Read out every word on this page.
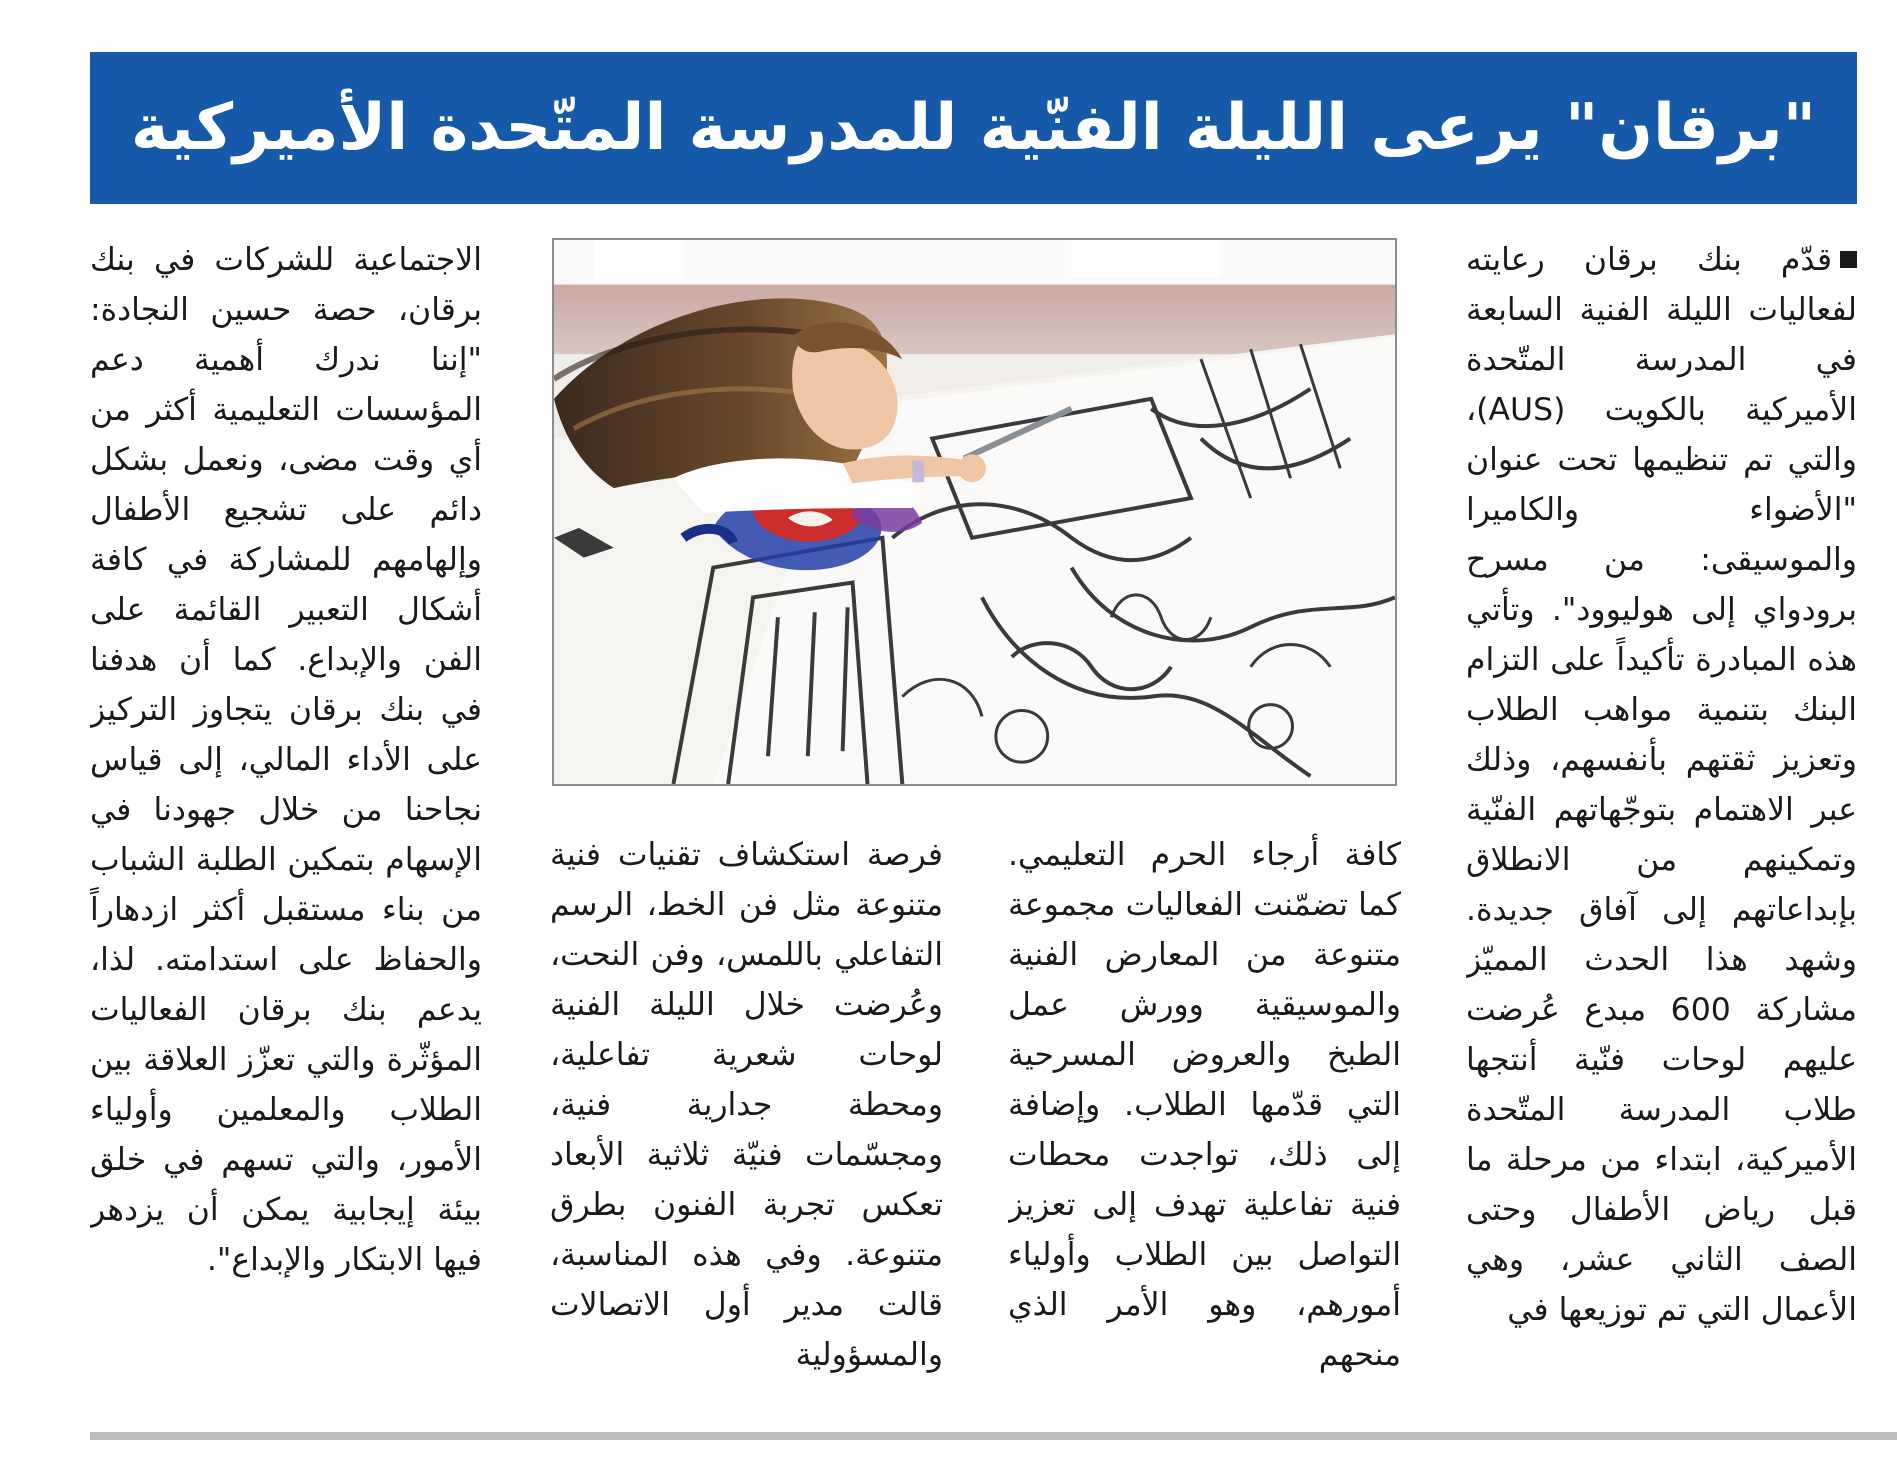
"برقان" يرعى الليلة الفنّية للمدرسة المتّحدة الأميركية

قدّم بنك برقان رعايته لفعاليات الليلة الفنية السابعة في المدرسة المتّحدة الأميركية بالكويت (AUS)، والتي تم تنظيمها تحت عنوان "الأضواء والكاميرا والموسيقى: من مسرح برودواي إلى هوليوود". وتأتي هذه المبادرة تأكيداً على التزام البنك بتنمية مواهب الطلاب وتعزيز ثقتهم بأنفسهم، وذلك عبر الاهتمام بتوجّهاتهم الفنّية وتمكينهم من الانطلاق بإبداعاتهم إلى آفاق جديدة. وشهد هذا الحدث المميّز مشاركة 600 مبدع عُرضت عليهم لوحات فنّية أنتجها طلاب المدرسة المتّحدة الأميركية، ابتداء من مرحلة ما قبل رياض الأطفال وحتى الصف الثاني عشر، وهي الأعمال التي تم توزيعها في

كافة أرجاء الحرم التعليمي. كما تضمّنت الفعاليات مجموعة متنوعة من المعارض الفنية والموسيقية وورش عمل الطبخ والعروض المسرحية التي قدّمها الطلاب. وإضافة إلى ذلك، تواجدت محطات فنية تفاعلية تهدف إلى تعزيز التواصل بين الطلاب وأولياء أمورهم، وهو الأمر الذي منحهم

فرصة استكشاف تقنيات فنية متنوعة مثل فن الخط، الرسم التفاعلي باللمس، وفن النحت، وعُرضت خلال الليلة الفنية لوحات شعرية تفاعلية، ومحطة جدارية فنية، ومجسّمات فنيّة ثلاثية الأبعاد تعكس تجربة الفنون بطرق متنوعة. وفي هذه المناسبة، قالت مدير أول الاتصالات والمسؤولية

الاجتماعية للشركات في بنك برقان، حصة حسين النجادة: "إننا ندرك أهمية دعم المؤسسات التعليمية أكثر من أي وقت مضى، ونعمل بشكل دائم على تشجيع الأطفال وإلهامهم للمشاركة في كافة أشكال التعبير القائمة على الفن والإبداع. كما أن هدفنا في بنك برقان يتجاوز التركيز على الأداء المالي، إلى قياس نجاحنا من خلال جهودنا في الإسهام بتمكين الطلبة الشباب من بناء مستقبل أكثر ازدهاراً والحفاظ على استدامته. لذا، يدعم بنك برقان الفعاليات المؤثّرة والتي تعزّز العلاقة بين الطلاب والمعلمين وأولياء الأمور، والتي تسهم في خلق بيئة إيجابية يمكن أن يزدهر فيها الابتكار والإبداع".
